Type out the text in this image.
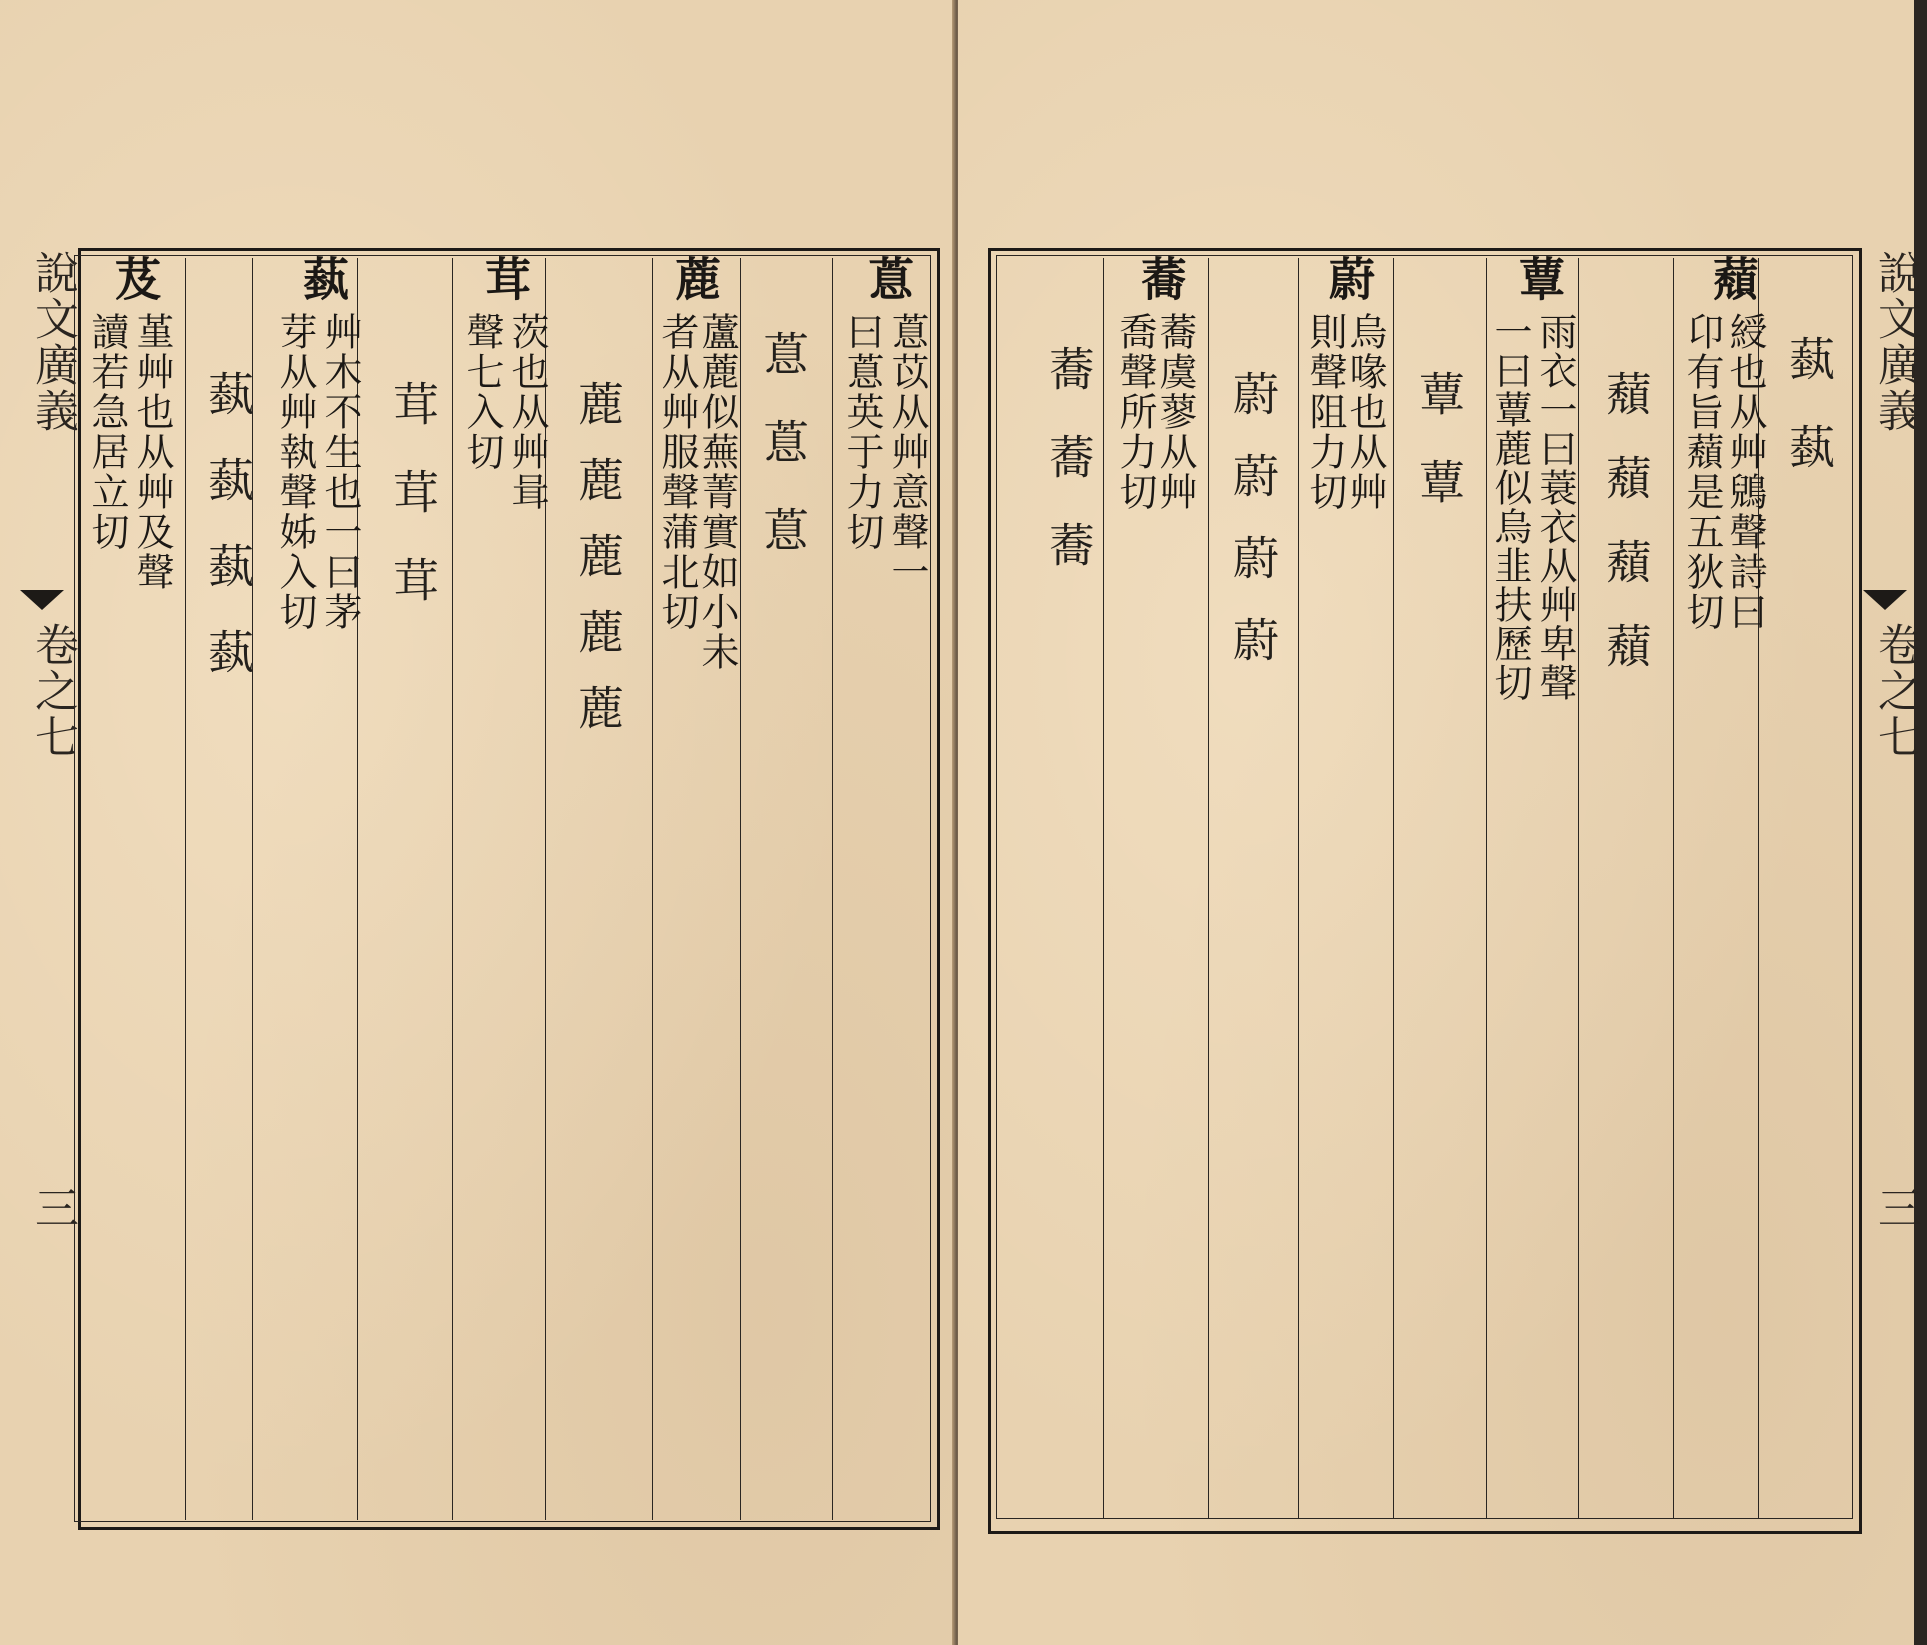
說文廣義
卷之七
三
蒠
蒠苡从艸意聲一
曰蒠英于力切
蒠蒠蒠
蔍
蘆蔍似蕪菁實如小未
者从艸服聲蒲北切
蔍蔍蔍蔍蔍
茸
茨也从艸咠
聲七入切
茸茸茸
蓺
艸木不生也一曰茅
芽从艸執聲姊入切
蓺蓺蓺蓺
芨
堇艸也从艸及聲
讀若急居立切	說文廣義
卷之七
三
蓺蓺
蘈
綬也从艸鶂聲詩曰
卬有旨蘈是五狄切
蘈蘈蘈蘈
蕈
雨衣一曰蓑衣从艸卑聲
一曰蕈蔍似烏韭扶歷切
蕈蕈
蔚
烏喙也从艸
則聲阻力切
蔚蔚蔚蔚
蕎
蕎虞蓼从艸
喬聲所力切
蕎蕎蕎
